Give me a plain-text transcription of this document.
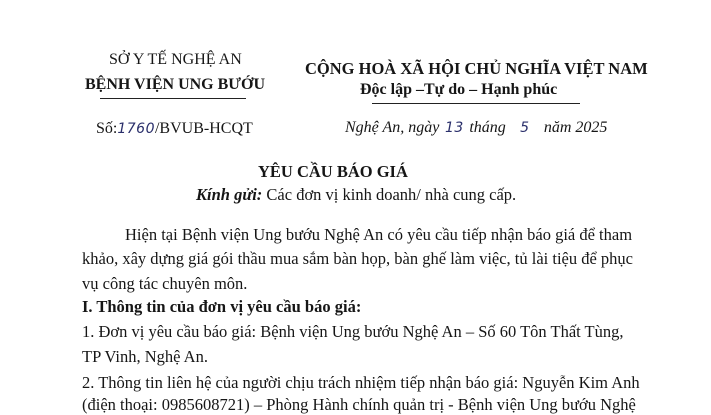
SỞ Y TẾ NGHỆ AN
BỆNH VIỆN UNG BƯỚU
CỘNG HOÀ XÃ HỘI CHỦ NGHĨA VIỆT NAM
Độc lập –Tự do – Hạnh phúc
Số:1760/BVUB-HCQT	Nghệ An, ngày 13 tháng 5 năm 2025
YÊU CẦU BÁO GIÁ
Kính gửi: Các đơn vị kinh doanh/ nhà cung cấp.
Hiện tại Bệnh viện Ung bướu Nghệ An có yêu cầu tiếp nhận báo giá để tham
khảo, xây dựng giá gói thầu mua sắm bàn họp, bàn ghế làm việc, tủ lài tiệu để phục
vụ công tác chuyên môn.
I. Thông tin của đơn vị yêu cầu báo giá:
1. Đơn vị yêu cầu báo giá: Bệnh viện Ung bướu Nghệ An – Số 60 Tôn Thất Tùng,
TP Vinh, Nghệ An.
2. Thông tin liên hệ của người chịu trách nhiệm tiếp nhận báo giá: Nguyễn Kim Anh
(điện thoại: 0985608721) – Phòng Hành chính quản trị - Bệnh viện Ung bướu Nghệ
